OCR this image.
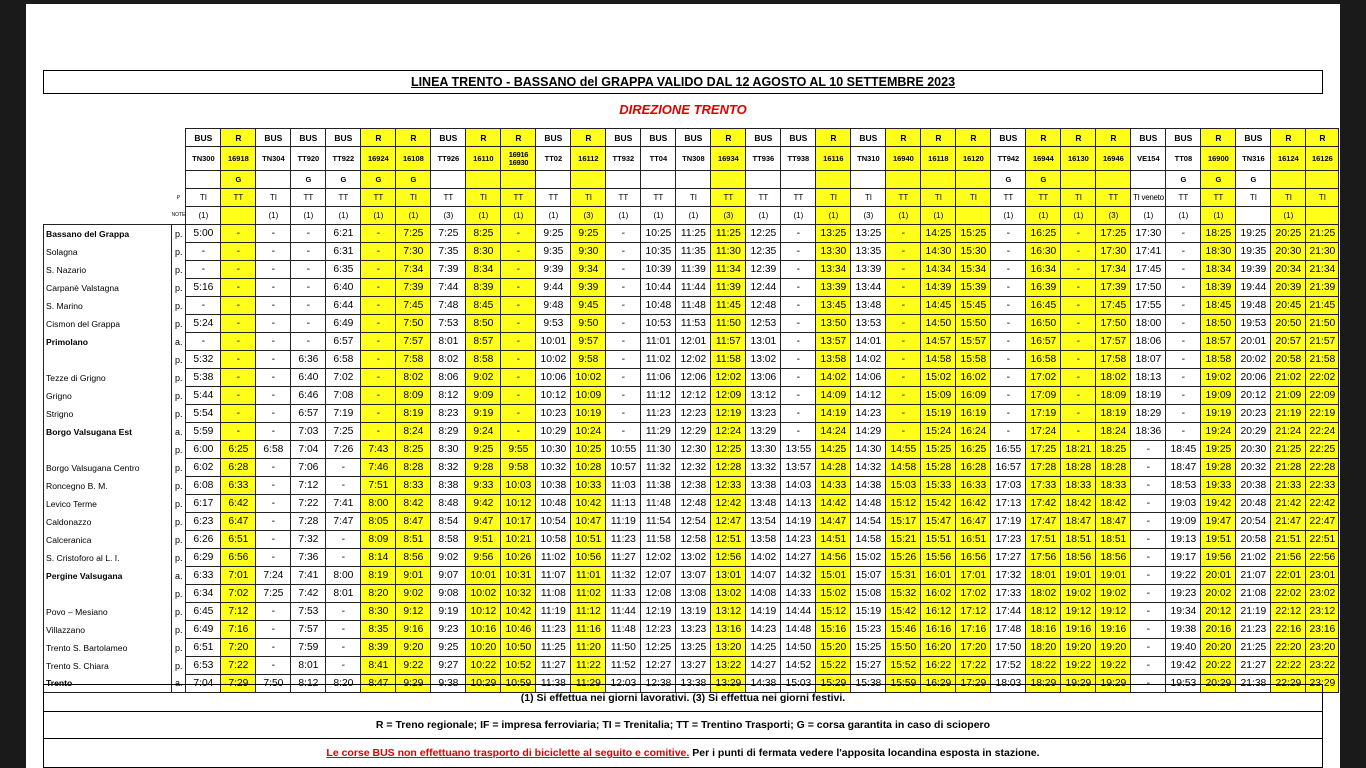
LINEA TRENTO - BASSANO del GRAPPA VALIDO DAL 12 AGOSTO AL 10 SETTEMBRE 2023
DIREZIONE TRENTO
		BUS	R	BUS	BUS	BUS	R	R	BUS	R	R	BUS	R	BUS	BUS	BUS	R	BUS	BUS	R	BUS	R	R	R	BUS	R	R	R	BUS	BUS	R	BUS	R	R
		TN300	16918	TN304	TT920	TT922	16924	16108	TT926	16110	16916 16930	TT02	16112	TT932	TT04	TN308	16934	TT936	TT938	16116	TN310	16940	16118	16120	TT942	16944	16130	16946	VE154	TT08	16900	TN316	16124	16126
			G		G	G	G	G																	G	G				G	G	G		
	P	TI	TT	TI	TT	TT	TT	TI	TT	TI	TT	TT	TI	TT	TT	TI	TT	TT	TT	TI	TI	TT	TI	TI	TT	TT	TI	TT	TI veneto	TT	TT	TI	TI	TI
	NOTE	(1)		(1)	(1)	(1)	(1)	(1)	(3)	(1)	(1)	(1)	(3)	(1)	(1)	(1)	(3)	(1)	(1)	(1)	(3)	(1)	(1)		(1)	(1)	(1)	(3)	(1)	(1)	(1)		(1)	
Bassano del Grappa	p.	5:00	-	-	-	6:21	-	7:25	7:25	8:25	-	9:25	9:25	-	10:25	11:25	11:25	12:25	-	13:25	13:25	-	14:25	15:25	-	16:25	-	17:25	17:30	-	18:25	19:25	20:25	21:25
Solagna	p.	-	-	-	-	6:31	-	7:30	7:35	8:30	-	9:35	9:30	-	10:35	11:35	11:30	12:35	-	13:30	13:35	-	14:30	15:30	-	16:30	-	17:30	17:41	-	18:30	19:35	20:30	21:30
S. Nazario	p.	-	-	-	-	6:35	-	7:34	7:39	8:34	-	9:39	9:34	-	10:39	11:39	11:34	12:39	-	13:34	13:39	-	14:34	15:34	-	16:34	-	17:34	17:45	-	18:34	19:39	20:34	21:34
Carpanè Valstagna	p.	5:16	-	-	-	6:40	-	7:39	7:44	8:39	-	9:44	9:39	-	10:44	11:44	11:39	12:44	-	13:39	13:44	-	14:39	15:39	-	16:39	-	17:39	17:50	-	18:39	19:44	20:39	21:39
S. Marino	p.	-	-	-	-	6:44	-	7:45	7:48	8:45	-	9:48	9:45	-	10:48	11:48	11:45	12:48	-	13:45	13:48	-	14:45	15:45	-	16:45	-	17:45	17:55	-	18:45	19:48	20:45	21:45
Cismon del Grappa	p.	5:24	-	-	-	6:49	-	7:50	7:53	8:50	-	9:53	9:50	-	10:53	11:53	11:50	12:53	-	13:50	13:53	-	14:50	15:50	-	16:50	-	17:50	18:00	-	18:50	19:53	20:50	21:50
Primolano	a.	-	-	-	-	6:57	-	7:57	8:01	8:57	-	10:01	9:57	-	11:01	12:01	11:57	13:01	-	13:57	14:01	-	14:57	15:57	-	16:57	-	17:57	18:06	-	18:57	20:01	20:57	21:57
	p.	5:32	-	-	6:36	6:58	-	7:58	8:02	8:58	-	10:02	9:58	-	11:02	12:02	11:58	13:02	-	13:58	14:02	-	14:58	15:58	-	16:58	-	17:58	18:07	-	18:58	20:02	20:58	21:58
Tezze di Grigno	p.	5:38	-	-	6:40	7:02	-	8:02	8:06	9:02	-	10:06	10:02	-	11:06	12:06	12:02	13:06	-	14:02	14:06	-	15:02	16:02	-	17:02	-	18:02	18:13	-	19:02	20:06	21:02	22:02
Grigno	p.	5:44	-	-	6:46	7:08	-	8:09	8:12	9:09	-	10:12	10:09	-	11:12	12:12	12:09	13:12	-	14:09	14:12	-	15:09	16:09	-	17:09	-	18:09	18:19	-	19:09	20:12	21:09	22:09
Strigno	p.	5:54	-	-	6:57	7:19	-	8:19	8:23	9:19	-	10:23	10:19	-	11:23	12:23	12:19	13:23	-	14:19	14:23	-	15:19	16:19	-	17:19	-	18:19	18:29	-	19:19	20:23	21:19	22:19
Borgo Valsugana Est	a.	5:59	-	-	7:03	7:25	-	8:24	8:29	9:24	-	10:29	10:24	-	11:29	12:29	12:24	13:29	-	14:24	14:29	-	15:24	16:24	-	17:24	-	18:24	18:36	-	19:24	20:29	21:24	22:24
	p.	6:00	6:25	6:58	7:04	7:26	7:43	8:25	8:30	9:25	9:55	10:30	10:25	10:55	11:30	12:30	12:25	13:30	13:55	14:25	14:30	14:55	15:25	16:25	16:55	17:25	18:21	18:25	-	18:45	19:25	20:30	21:25	22:25
Borgo Valsugana Centro	p.	6:02	6:28	-	7:06	-	7:46	8:28	8:32	9:28	9:58	10:32	10:28	10:57	11:32	12:32	12:28	13:32	13:57	14:28	14:32	14:58	15:28	16:28	16:57	17:28	18:28	18:28	-	18:47	19:28	20:32	21:28	22:28
Roncegno B. M.	p.	6:08	6:33	-	7:12	-	7:51	8:33	8:38	9:33	10:03	10:38	10:33	11:03	11:38	12:38	12:33	13:38	14:03	14:33	14:38	15:03	15:33	16:33	17:03	17:33	18:33	18:33	-	18:53	19:33	20:38	21:33	22:33
Levico Terme	p.	6:17	6:42	-	7:22	7:41	8:00	8:42	8:48	9:42	10:12	10:48	10:42	11:13	11:48	12:48	12:42	13:48	14:13	14:42	14:48	15:12	15:42	16:42	17:13	17:42	18:42	18:42	-	19:03	19:42	20:48	21:42	22:42
Caldonazzo	p.	6:23	6:47	-	7:28	7:47	8:05	8:47	8:54	9:47	10:17	10:54	10:47	11:19	11:54	12:54	12:47	13:54	14:19	14:47	14:54	15:17	15:47	16:47	17:19	17:47	18:47	18:47	-	19:09	19:47	20:54	21:47	22:47
Calceranica	p.	6:26	6:51	-	7:32	-	8:09	8:51	8:58	9:51	10:21	10:58	10:51	11:23	11:58	12:58	12:51	13:58	14:23	14:51	14:58	15:21	15:51	16:51	17:23	17:51	18:51	18:51	-	19:13	19:51	20:58	21:51	22:51
S. Cristoforo al L. I.	p.	6:29	6:56	-	7:36	-	8:14	8:56	9:02	9:56	10:26	11:02	10:56	11:27	12:02	13:02	12:56	14:02	14:27	14:56	15:02	15:26	15:56	16:56	17:27	17:56	18:56	18:56	-	19:17	19:56	21:02	21:56	22:56
Pergine Valsugana	a.	6:33	7:01	7:24	7:41	8:00	8:19	9:01	9:07	10:01	10:31	11:07	11:01	11:32	12:07	13:07	13:01	14:07	14:32	15:01	15:07	15:31	16:01	17:01	17:32	18:01	19:01	19:01	-	19:22	20:01	21:07	22:01	23:01
	p.	6:34	7:02	7:25	7:42	8:01	8:20	9:02	9:08	10:02	10:32	11:08	11:02	11:33	12:08	13:08	13:02	14:08	14:33	15:02	15:08	15:32	16:02	17:02	17:33	18:02	19:02	19:02	-	19:23	20:02	21:08	22:02	23:02
Povo – Mesiano	p.	6:45	7:12	-	7:53	-	8:30	9:12	9:19	10:12	10:42	11:19	11:12	11:44	12:19	13:19	13:12	14:19	14:44	15:12	15:19	15:42	16:12	17:12	17:44	18:12	19:12	19:12	-	19:34	20:12	21:19	22:12	23:12
Villazzano	p.	6:49	7:16	-	7:57	-	8:35	9:16	9:23	10:16	10:46	11:23	11:16	11:48	12:23	13:23	13:16	14:23	14:48	15:16	15:23	15:46	16:16	17:16	17:48	18:16	19:16	19:16	-	19:38	20:16	21:23	22:16	23:16
Trento S. Bartolameo	p.	6:51	7:20	-	7:59	-	8:39	9:20	9:25	10:20	10:50	11:25	11:20	11:50	12:25	13:25	13:20	14:25	14:50	15:20	15:25	15:50	16:20	17:20	17:50	18:20	19:20	19:20	-	19:40	20:20	21:25	22:20	23:20
Trento S. Chiara	p.	6:53	7:22	-	8:01	-	8:41	9:22	9:27	10:22	10:52	11:27	11:22	11:52	12:27	13:27	13:22	14:27	14:52	15:22	15:27	15:52	16:22	17:22	17:52	18:22	19:22	19:22	-	19:42	20:22	21:27	22:22	23:22
Trento	a.	7:04	7:29	7:50	8:12	8:20	8:47	9:29	9:38	10:29	10:59	11:38	11:29	12:03	12:38	13:38	13:29	14:38	15:03	15:29	15:38	15:59	16:29	17:29	18:03	18:29	19:29	19:29	-	19:53	20:29	21:38	22:29	23:29
(1) Si effettua nei giorni lavorativi. (3) Si effettua nei giorni festivi.
R = Treno regionale; IF = impresa ferroviaria; TI = Trenitalia; TT = Trentino Trasporti; G = corsa garantita in caso di sciopero
Le corse BUS non effettuano trasporto di biciclette al seguito e comitive. Per i punti di fermata vedere l'apposita locandina esposta in stazione.
